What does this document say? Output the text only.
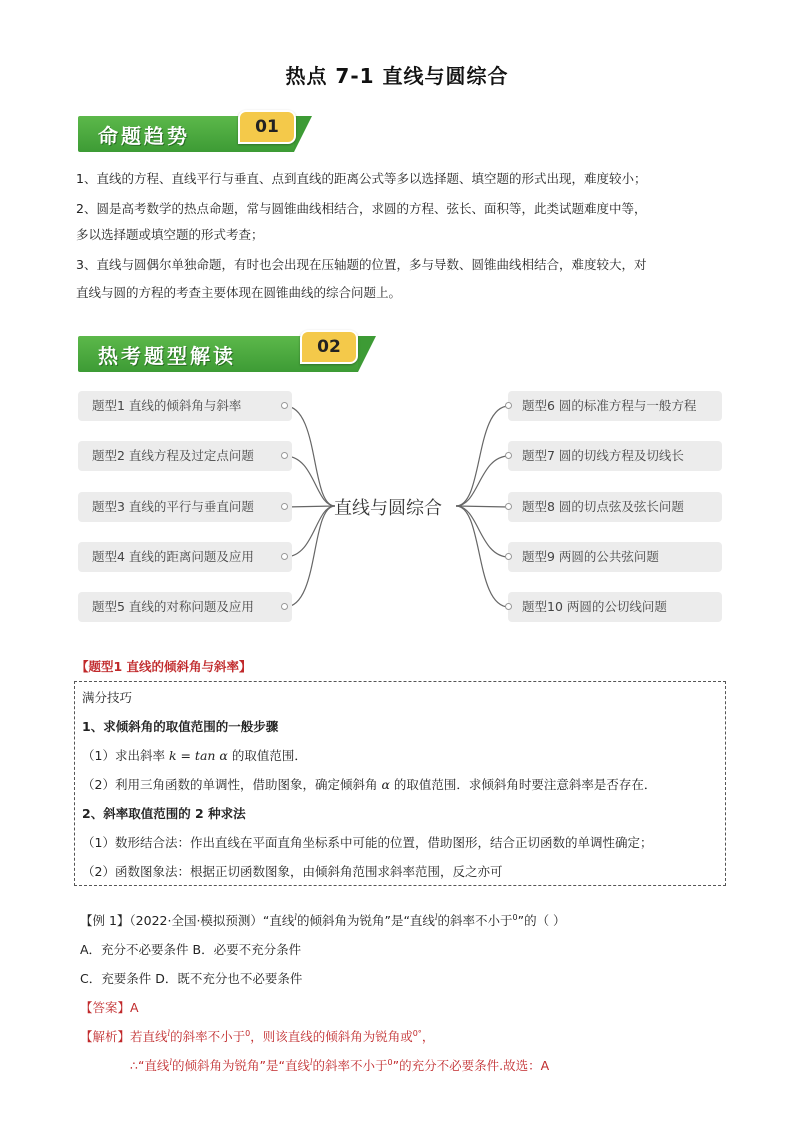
热点 7-1 直线与圆综合
命题趋势	01
1、直线的方程、直线平行与垂直、点到直线的距离公式等多以选择题、填空题的形式出现，难度较小；
2、圆是高考数学的热点命题，常与圆锥曲线相结合，求圆的方程、弦长、面积等，此类试题难度中等，
多以选择题或填空题的形式考查；
3、直线与圆偶尔单独命题，有时也会出现在压轴题的位置，多与导数、圆锥曲线相结合，难度较大，对
直线与圆的方程的考查主要体现在圆锥曲线的综合问题上。
热考题型解读	02
直线与圆综合
题型1 直线的倾斜角与斜率
题型2 直线方程及过定点问题
题型3 直线的平行与垂直问题
题型4 直线的距离问题及应用
题型5 直线的对称问题及应用
题型6 圆的标准方程与一般方程
题型7 圆的切线方程及切线长
题型8 圆的切点弦及弦长问题
题型9 两圆的公共弦问题
题型10 两圆的公切线问题
【题型1 直线的倾斜角与斜率】
满分技巧
1、求倾斜角的取值范围的一般步骤
（1）求出斜率 k = tan α 的取值范围．
（2）利用三角函数的单调性，借助图象，确定倾斜角 α 的取值范围．求倾斜角时要注意斜率是否存在．
2、斜率取值范围的 2 种求法
（1）数形结合法：作出直线在平面直角坐标系中可能的位置，借助图形，结合正切函数的单调性确定；
（2）函数图象法：根据正切函数图象，由倾斜角范围求斜率范围，反之亦可
【例 1】（2022·全国·模拟预测）“直线$^l$的倾斜角为锐角”是“直线$^l$的斜率不小于$^0$”的（ ）
A．充分不必要条件 B．必要不充分条件
C．充要条件 D．既不充分也不必要条件
【答案】A
【解析】若直线$^l$的斜率不小于$^0$，则该直线的倾斜角为锐角或$^{0^\circ}$，
∴“直线$^l$的倾斜角为锐角”是“直线$^l$的斜率不小于$^0$”的充分不必要条件.故选：A
